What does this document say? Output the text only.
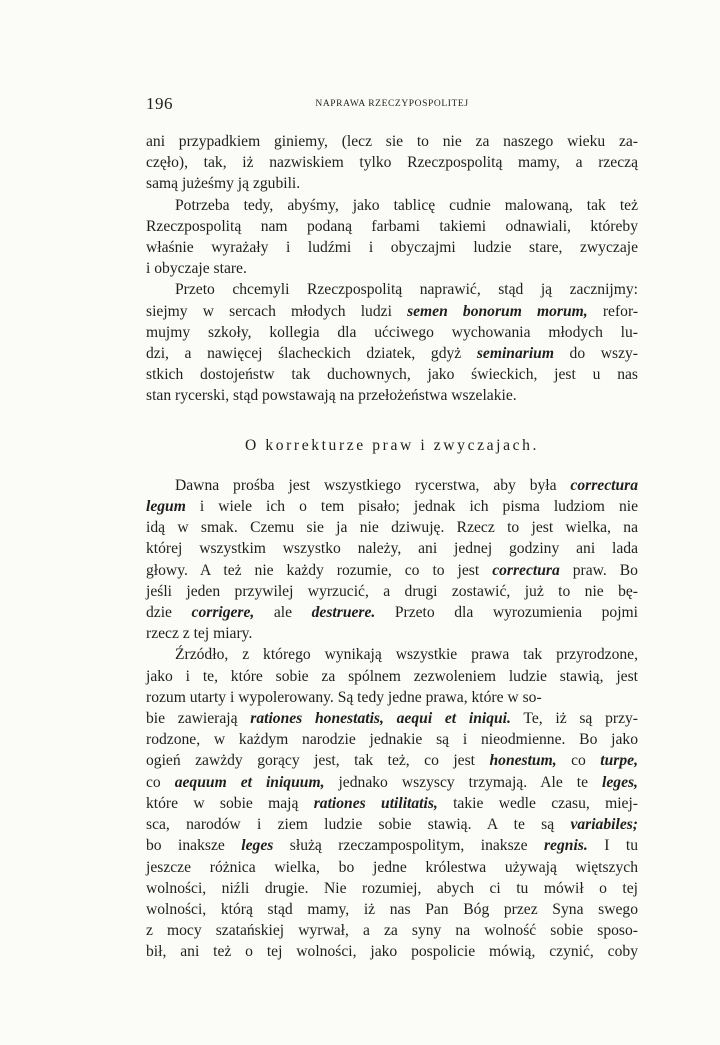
196	NAPRAWA RZECZYPOSPOLITEJ
ani przypadkiem giniemy, (lecz sie to nie za naszego wieku za-
częło), tak, iż nazwiskiem tylko Rzeczpospolitą mamy, a rzeczą
samą jużeśmy ją zgubili.
Potrzeba tedy, abyśmy, jako tablicę cudnie malowaną, tak też
Rzeczpospolitą nam podaną farbami takiemi odnawiali, któreby
właśnie wyrażały i ludźmi i obyczajmi ludzie stare, zwyczaje
i obyczaje stare.
Przeto chcemyli Rzeczpospolitą naprawić, stąd ją zacznijmy:
siejmy w sercach młodych ludzi semen bonorum morum, refor-
mujmy szkoły, kollegia dla ućciwego wychowania młodych lu-
dzi, a nawięcej ślacheckich dziatek, gdyż seminarium do wszy-
stkich dostojeństw tak duchownych, jako świeckich, jest u nas
stan rycerski, stąd powstawają na przełożeństwa wszelakie.
O korrekturze praw i zwyczajach.
Dawna prośba jest wszystkiego rycerstwa, aby była correctura
legum i wiele ich o tem pisało; jednak ich pisma ludziom nie
idą w smak. Czemu sie ja nie dziwuję. Rzecz to jest wielka, na
której wszystkim wszystko należy, ani jednej godziny ani lada
głowy. A też nie każdy rozumie, co to jest correctura praw. Bo
jeśli jeden przywilej wyrzucić, a drugi zostawić, już to nie bę-
dzie corrigere, ale destruere. Przeto dla wyrozumienia pojmi
rzecz z tej miary.
Źrzódło, z którego wynikają wszystkie prawa tak przyrodzone,
jako i te, które sobie za spólnem zezwoleniem ludzie stawią, jest
rozum utarty i wypolerowany. Są tedy jedne prawa, które w so-
bie zawierają rationes honestatis, aequi et iniqui. Te, iż są przy-
rodzone, w każdym narodzie jednakie są i nieodmienne. Bo jako
ogień zawżdy gorący jest, tak też, co jest honestum, co turpe,
co aequum et iniquum, jednako wszyscy trzymają. Ale te leges,
które w sobie mają rationes utilitatis, takie wedle czasu, miej-
sca, narodów i ziem ludzie sobie stawią. A te są variabiles;
bo inaksze leges służą rzeczampospolitym, inaksze regnis. I tu
jeszcze różnica wielka, bo jedne królestwa używają więtszych
wolności, niźli drugie. Nie rozumiej, abych ci tu mówił o tej
wolności, którą stąd mamy, iż nas Pan Bóg przez Syna swego
z mocy szatańskiej wyrwał, a za syny na wolność sobie sposo-
bił, ani też o tej wolności, jako pospolicie mówią, czynić, coby
